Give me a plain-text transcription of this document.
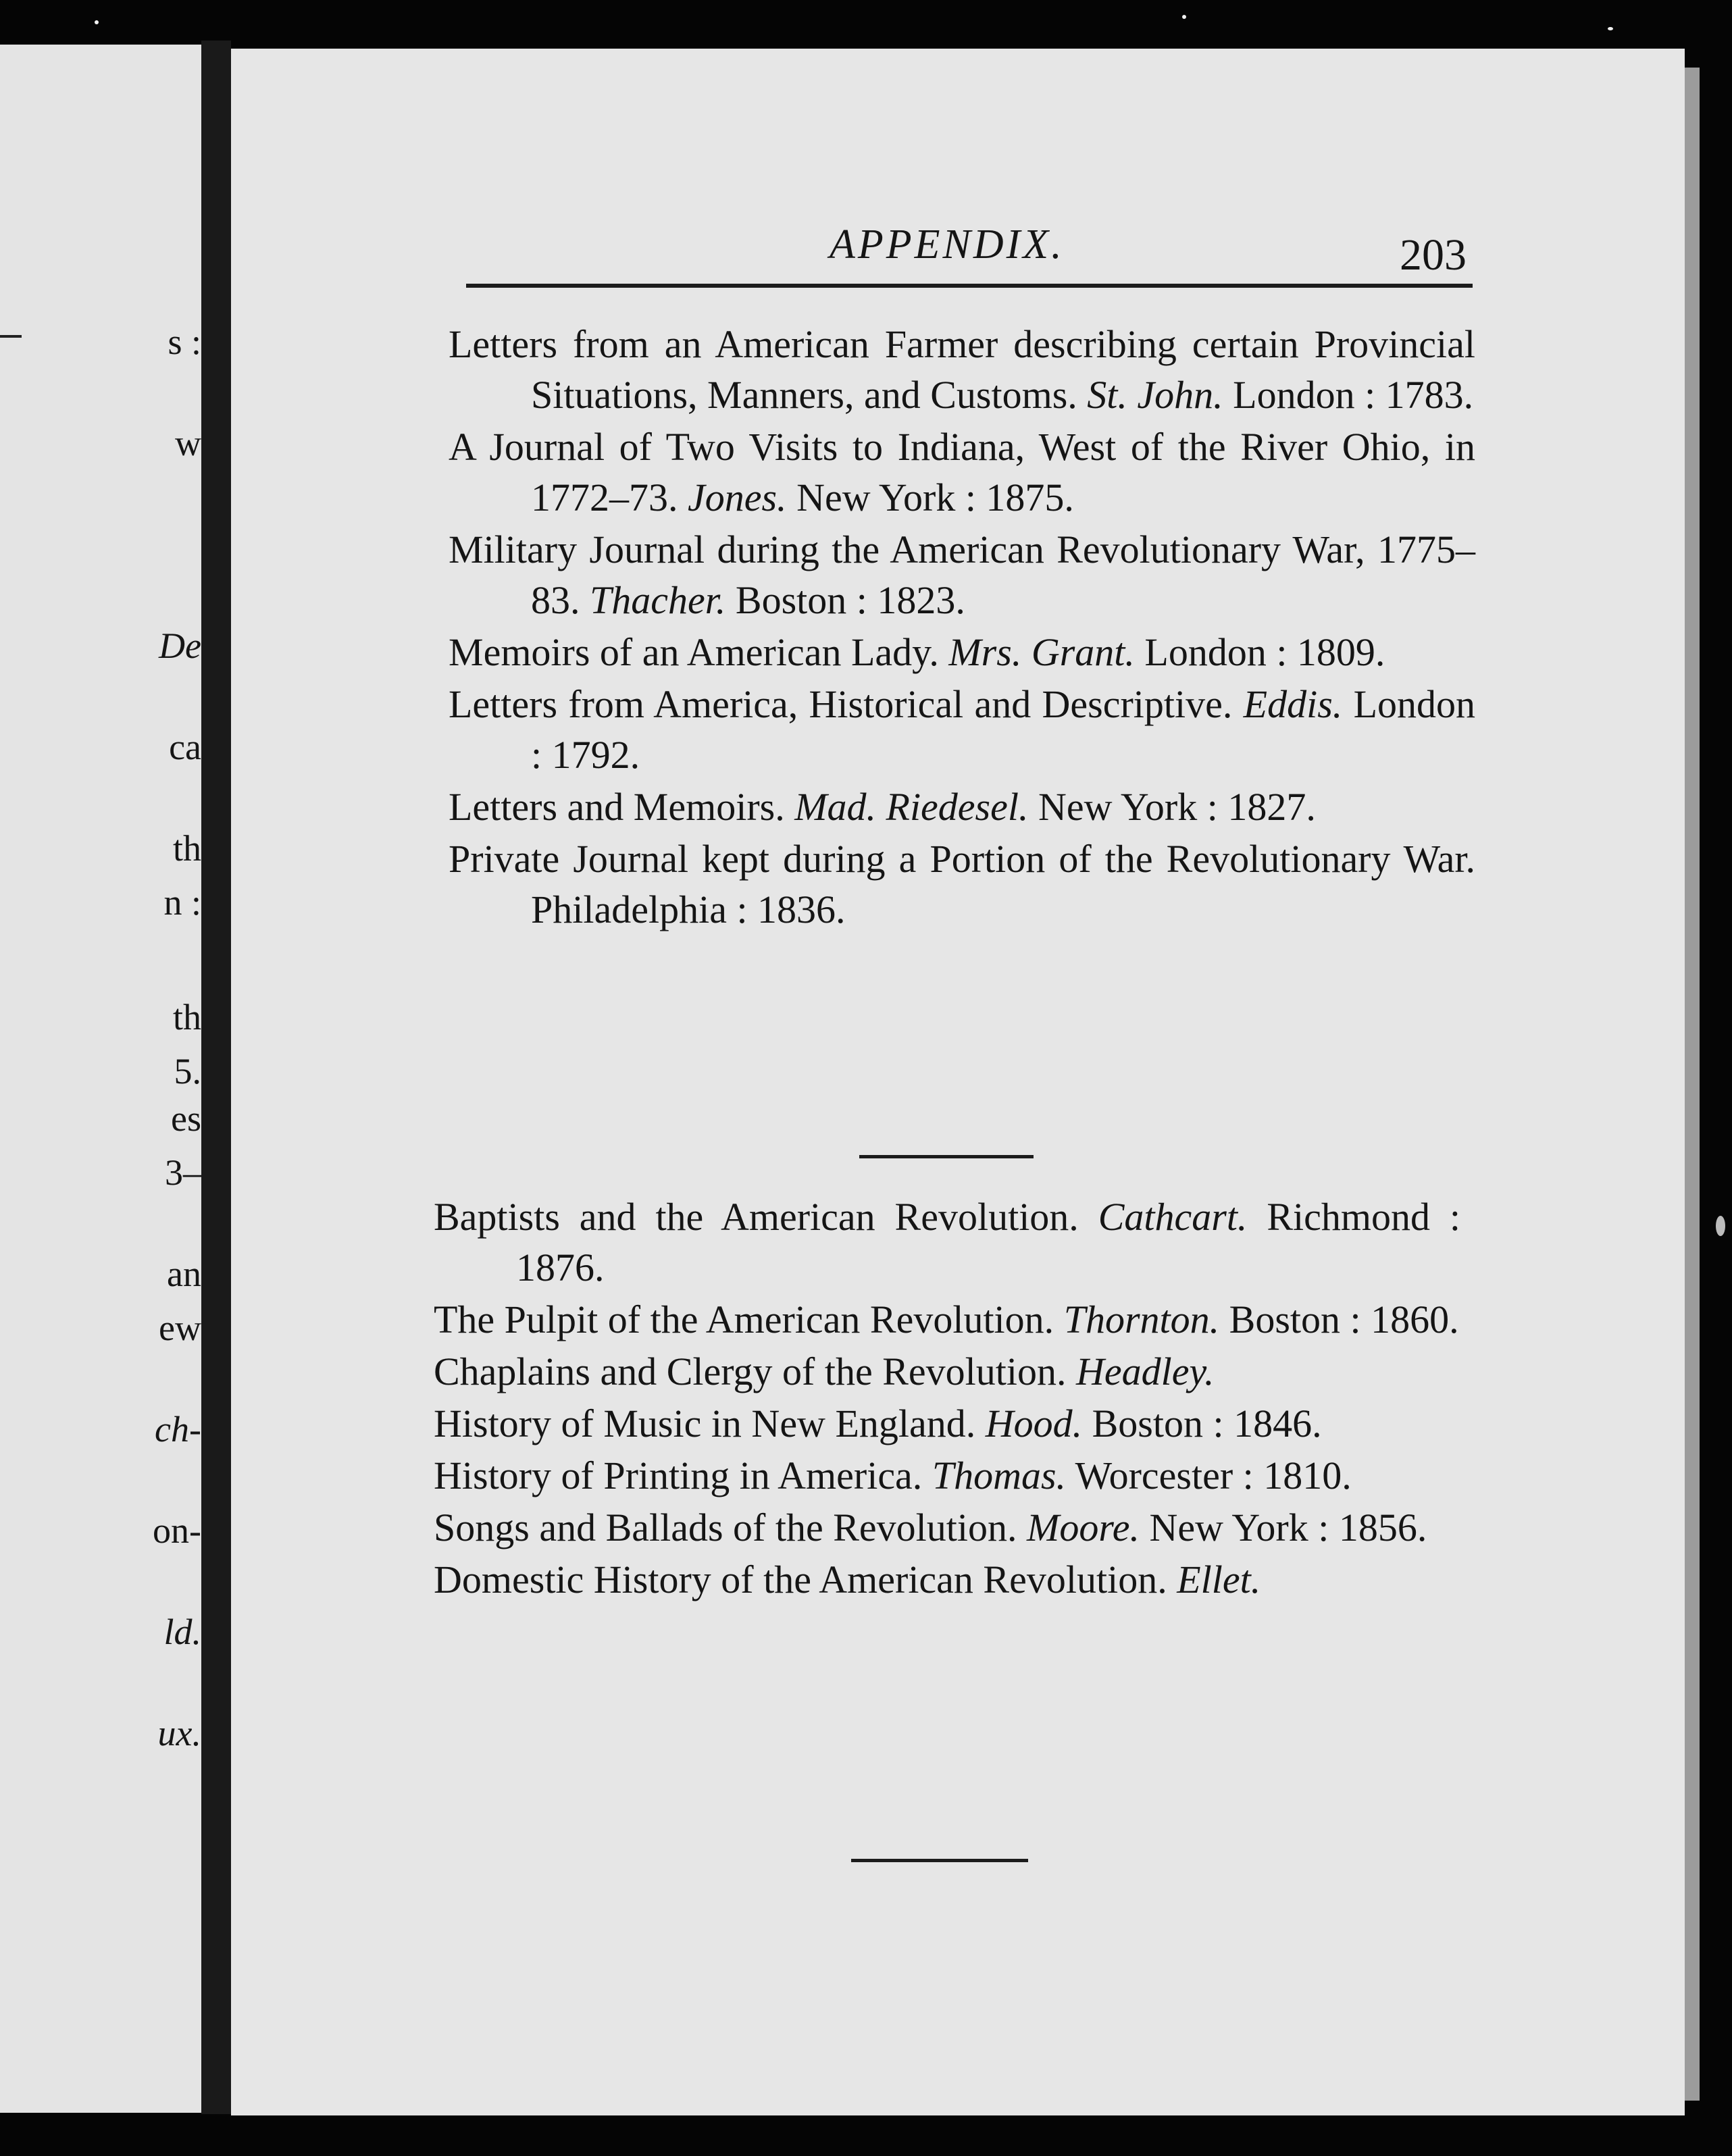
s :
w
De
ca
th
n :
th
5.
es
3–
an
ew
ch-
on-
ld.
ux.
APPENDIX.	203

Letters from an American Farmer describing certain Provincial Situations, Manners, and Customs. St. John. London : 1783.

A Journal of Two Visits to Indiana, West of the River Ohio, in 1772–73. Jones. New York : 1875.

Military Journal during the American Revolutionary War, 1775–83. Thacher. Boston : 1823.

Memoirs of an American Lady. Mrs. Grant. London : 1809.

Letters from America, Historical and Descriptive. Eddis. London : 1792.

Letters and Memoirs. Mad. Riedesel. New York : 1827.

Private Journal kept during a Portion of the Revolutionary War. Philadelphia : 1836.

Baptists and the American Revolution. Cathcart. Richmond : 1876.

The Pulpit of the American Revolution. Thornton. Boston : 1860.

Chaplains and Clergy of the Revolution. Headley.

History of Music in New England. Hood. Boston : 1846.

History of Printing in America. Thomas. Worcester : 1810.

Songs and Ballads of the Revolution. Moore. New York : 1856.

Domestic History of the American Revolution. Ellet.
